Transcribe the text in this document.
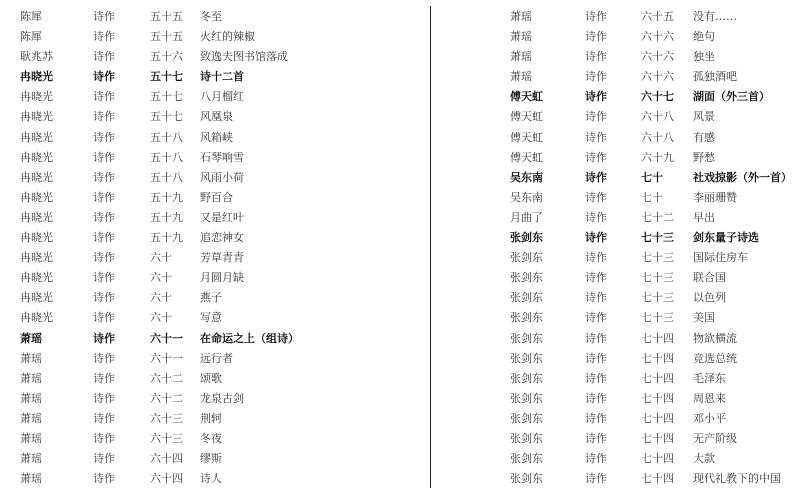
陈犀	诗作	五十五 冬至
陈犀	诗作	五十五 火红的辣椒
耿兆苏	诗作	五十六 致逸夫图书馆落成
冉晓光	诗作	五十七 诗十二首
冉晓光	诗作	五十七 八月榴红
冉晓光	诗作	五十七 风凰泉
冉晓光	诗作	五十八 风箱峡
冉晓光	诗作	五十八 石琴响雪
冉晓光	诗作	五十八 风雨小荷
冉晓光	诗作	五十九 野百合
冉晓光	诗作	五十九 又是红叶
冉晓光	诗作	五十九 追恋神女
冉晓光	诗作	六十	芳草青青
冉晓光	诗作	六十	月圆月缺
冉晓光	诗作	六十	燕子
冉晓光	诗作	六十	写意
萧瑶	诗作	六十一 在命运之上（组诗）
萧瑶	诗作	六十一 远行者
萧瑶	诗作	六十二 颂歌
萧瑶	诗作	六十二 龙泉古剑
萧瑶	诗作	六十三 荆轲
萧瑶	诗作	六十三 冬夜
萧瑶	诗作	六十四 缪斯
萧瑶	诗作	六十四 诗人
萧瑶	诗作	六十五 没有……
萧瑶	诗作	六十六 绝句
萧瑶	诗作	六十六 独坐
萧瑶	诗作	六十六 孤独酒吧
傅天虹	诗作	六十七 湖面（外三首）
傅天虹	诗作	六十八 风景
傅天虹	诗作	六十八 有感
傅天虹	诗作	六十九 野愁
吴东南	诗作	七十	社戏掠影（外一首）
吴东南	诗作	七十	李丽珊赞
月曲了	诗作	七十二 早出
张剑东	诗作	七十三 剑东量子诗选
张剑东	诗作	七十三 国际住房车
张剑东	诗作	七十三 联合国
张剑东	诗作	七十三 以色列
张剑东	诗作	七十三 美国
张剑东	诗作	七十四 物欲横流
张剑东	诗作	七十四 竞选总统
张剑东	诗作	七十四 毛泽东
张剑东	诗作	七十四 周恩来
张剑东	诗作	七十四 邓小平
张剑东	诗作	七十四 无产阶级
张剑东	诗作	七十四 大款
张剑东	诗作	七十四 现代礼教下的中国
